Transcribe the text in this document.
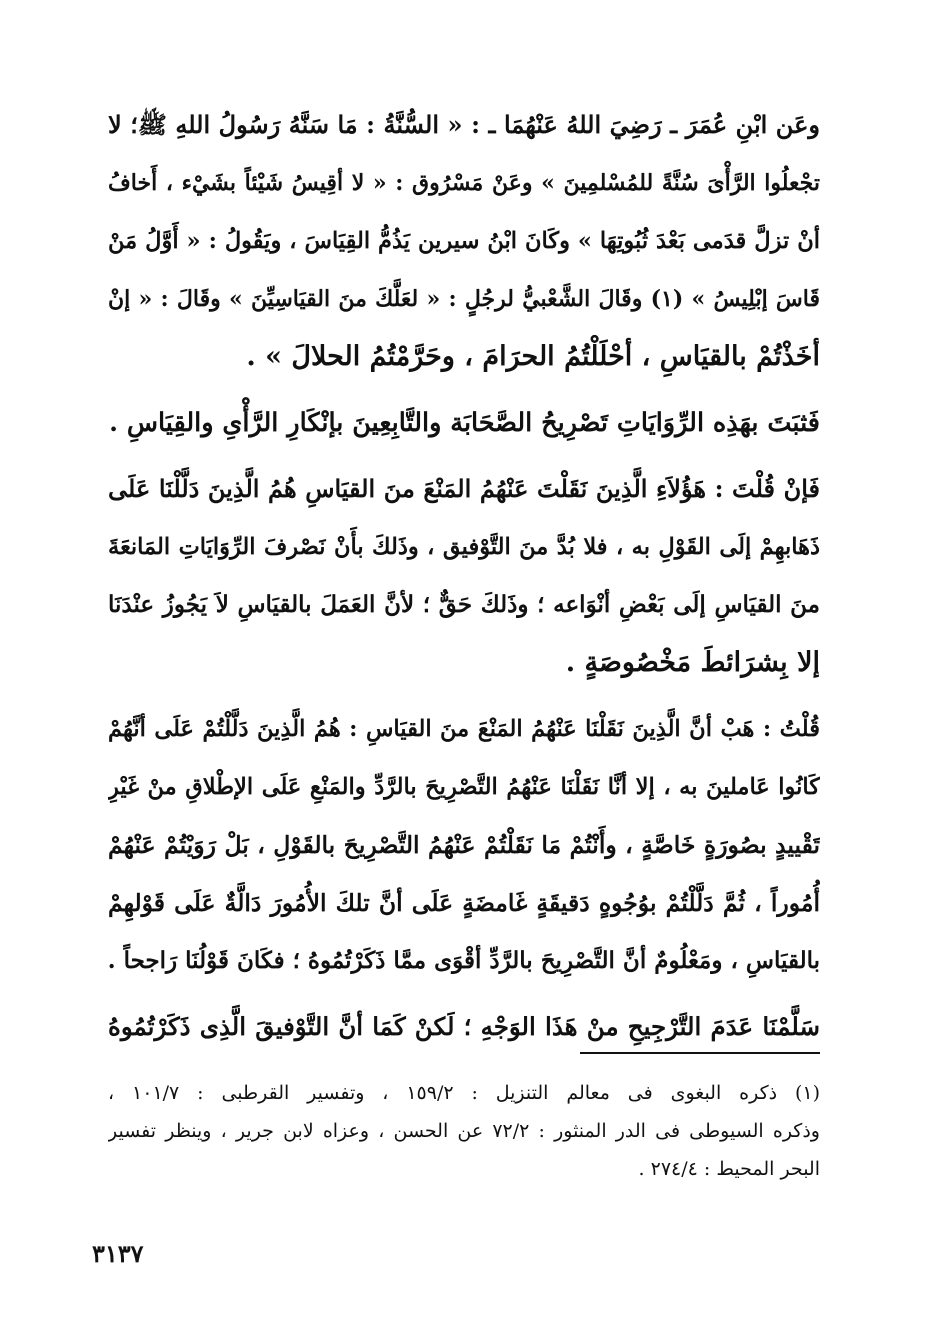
وعَن ابْنِ عُمَرَ ـ رَضِيَ اللهُ عَنْهُمَا ـ : « السُّنَّةُ : مَا سَنَّهُ رَسُولُ اللهِ ﷺ؛ لا
تجْعلُوا الرَّأْىَ سُنَّةً للمُسْلمِينَ » وعَنْ مَسْرُوق : « لا أقِيسُ شَيْئاً بشَيْء ، أَخافُ
أنْ تزلَّ قدَمى بَعْدَ ثُبُوتِهَا » وكَانَ ابْنُ سيرين يَذُمُّ القِيَاسَ ، ويَقُولُ : « أَوَّلُ مَنْ
قَاسَ إبْلِيسُ » (١) وقَالَ الشَّعْبيُّ لرجُلٍ : « لعَلَّكَ منَ القيَاسِيِّنَ » وقَالَ : « إنْ
أخَذْتُمْ بالقيَاسِ ، أحْلَلْتُمُ الحرَامَ ، وحَرَّمْتُمُ الحلالَ » .
فَثبَتَ بهَذِه الرِّوَايَاتِ تَصْرِيحُ الصَّحَابَة والتَّابِعِينَ بإنْكَارِ الرَّأْىِ والقِيَاسِ .
فَإنْ قُلْتَ : هَؤُلاَءِ الَّذِينَ نَقَلْتَ عَنْهُمُ المَنْعَ منَ القيَاسِ هُمُ الَّذِينَ دَلَّلْنَا عَلَى
ذَهَابهِمْ إلَى القَوْلِ به ، فلا بُدَّ منَ التَّوْفيق ، وذَلكَ بأَنْ نَصْرفَ الرِّوَايَاتِ المَانعَةَ
منَ القيَاسِ إلَى بَعْضِ أنْوَاعه ؛ وذَلكَ حَقٌّ ؛ لأنَّ العَمَلَ بالقيَاسِ لاَ يَجُوزُ عنْدَنَا
إلا بِشرَائطَ مَخْصُوصَةٍ .
قُلْتُ : هَبْ أنَّ الَّذِينَ نَقَلْنَا عَنْهُمُ المَنْعَ منَ القيَاسِ : هُمُ الَّذِينَ دَلَّلْتُمْ عَلَى أنَّهُمْ
كَانُوا عَاملينَ به ، إلا أنَّا نَقَلْنَا عَنْهُمُ التَّصْرِيحَ بالرَّدِّ والمَنْعِ عَلَى الإطْلاقِ منْ غَيْرِ
تَقْييدٍ بصُورَةٍ خَاصَّةٍ ، وأَنْتُمْ مَا نَقَلْتُمْ عَنْهُمُ التَّصْرِيحَ بالقَوْلِ ، بَلْ رَوَيْتُمْ عَنْهُمْ
أُمُوراً ، ثُمَّ دَلَّلْتُمْ بوُجُوهٍ دَقيقَةٍ غَامضَةٍ عَلَى أنَّ تلكَ الأُمُورَ دَالَّةٌ عَلَى قَوْلهِمْ
بالقيَاسِ ، ومَعْلُومٌ أنَّ التَّصْرِيحَ بالرَّدِّ أقْوَى ممَّا ذَكَرْتُمُوهُ ؛ فكَانَ قَوْلُنَا رَاجحاً .
سَلَّمْنَا عَدَمَ التَّرْجِيحِ منْ هَذَا الوَجْهِ ؛ لَكنْ كَمَا أنَّ التَّوْفيقَ الَّذِى ذَكَرْتُمُوهُ
(١) ذكره البغوى فى معالم التنزيل : ١٥٩/٢ ، وتفسير القرطبى : ١٠١/٧ ،
وذكره السيوطى فى الدر المنثور : ٧٢/٢ عن الحسن ، وعزاه لابن جرير ، وينظر تفسير
البحر المحيط : ٢٧٤/٤ .
٣١٣٧
